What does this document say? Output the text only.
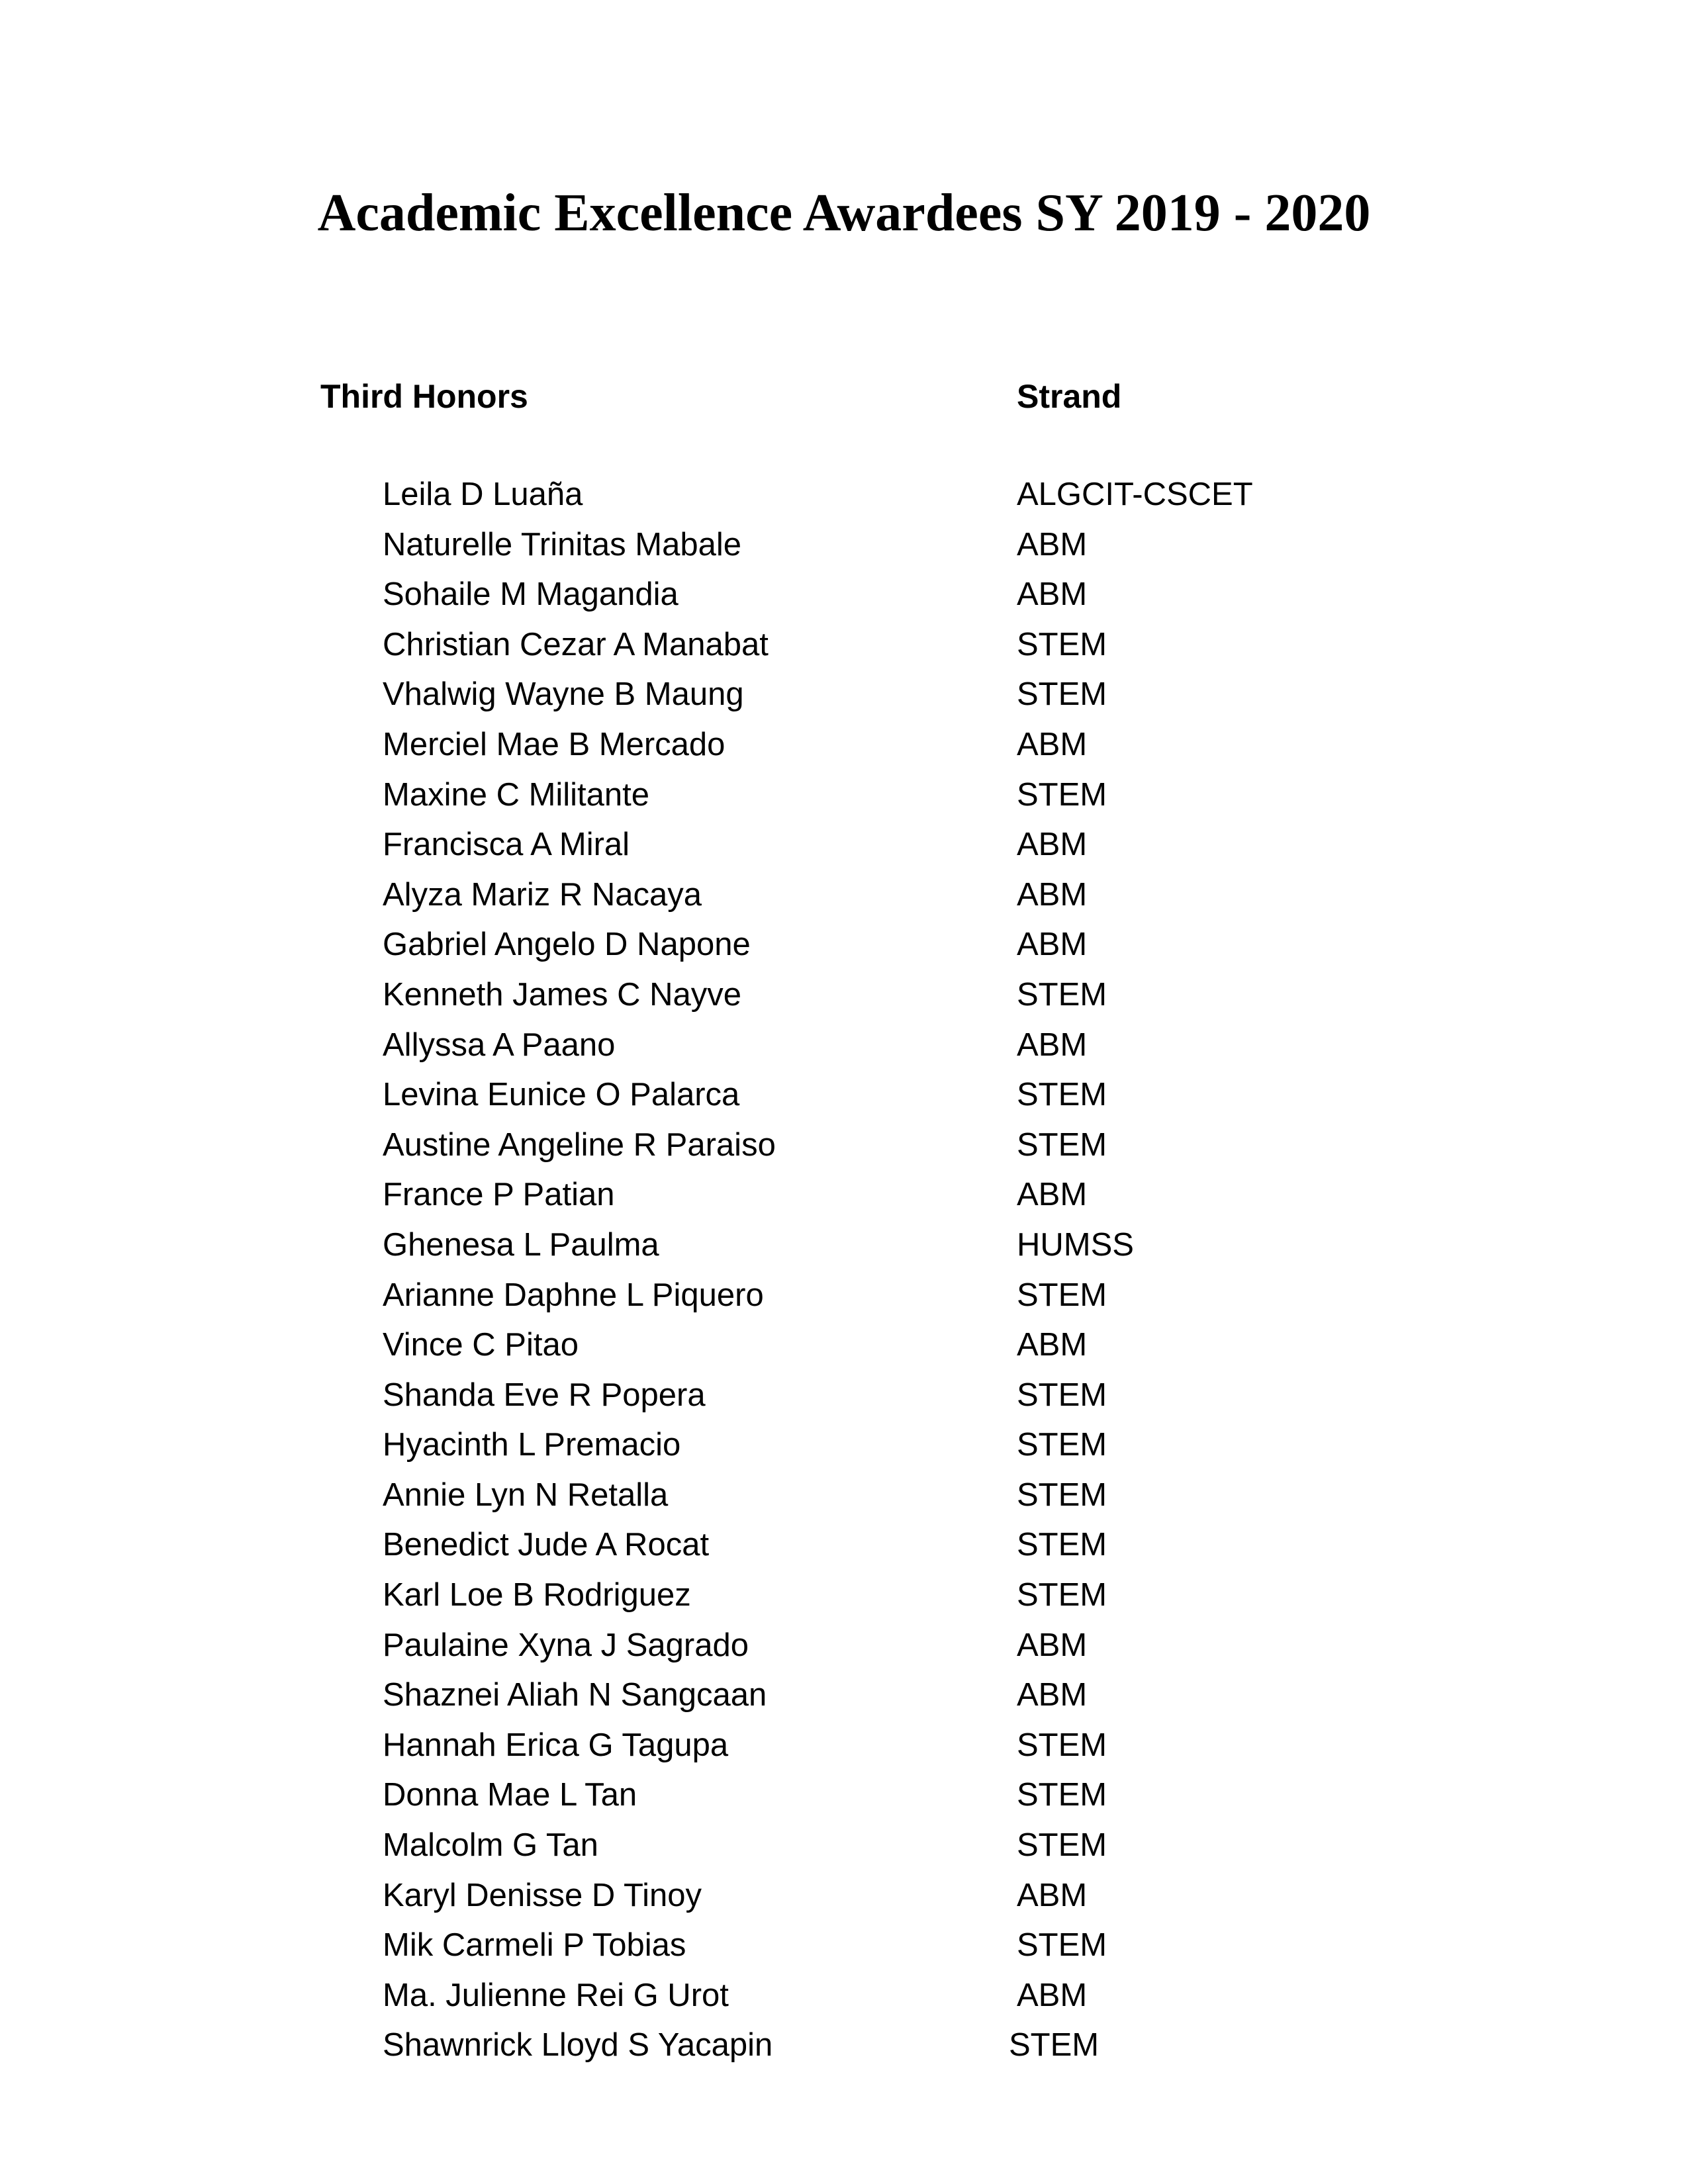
Academic Excellence Awardees SY 2019 - 2020
Third Honors	Strand
Leila D Luaña	ALGCIT-CSCET
Naturelle Trinitas Mabale	ABM
Sohaile M Magandia	ABM
Christian Cezar A Manabat	STEM
Vhalwig Wayne B Maung	STEM
Merciel Mae B Mercado	ABM
Maxine C Militante	STEM
Francisca A Miral	ABM
Alyza Mariz R Nacaya	ABM
Gabriel Angelo D Napone	ABM
Kenneth James C Nayve	STEM
Allyssa A Paano	ABM
Levina Eunice O Palarca	STEM
Austine Angeline R Paraiso	STEM
France P Patian	ABM
Ghenesa L Paulma	HUMSS
Arianne Daphne L Piquero	STEM
Vince C Pitao	ABM
Shanda Eve R Popera	STEM
Hyacinth L Premacio	STEM
Annie Lyn N Retalla	STEM
Benedict Jude A Rocat	STEM
Karl Loe B Rodriguez	STEM
Paulaine Xyna J Sagrado	ABM
Shaznei Aliah N Sangcaan	ABM
Hannah Erica G Tagupa	STEM
Donna Mae L Tan	STEM
Malcolm G Tan	STEM
Karyl Denisse D Tinoy	ABM
Mik Carmeli P Tobias	STEM
Ma. Julienne Rei G Urot	ABM
Shawnrick Lloyd S Yacapin	STEM
